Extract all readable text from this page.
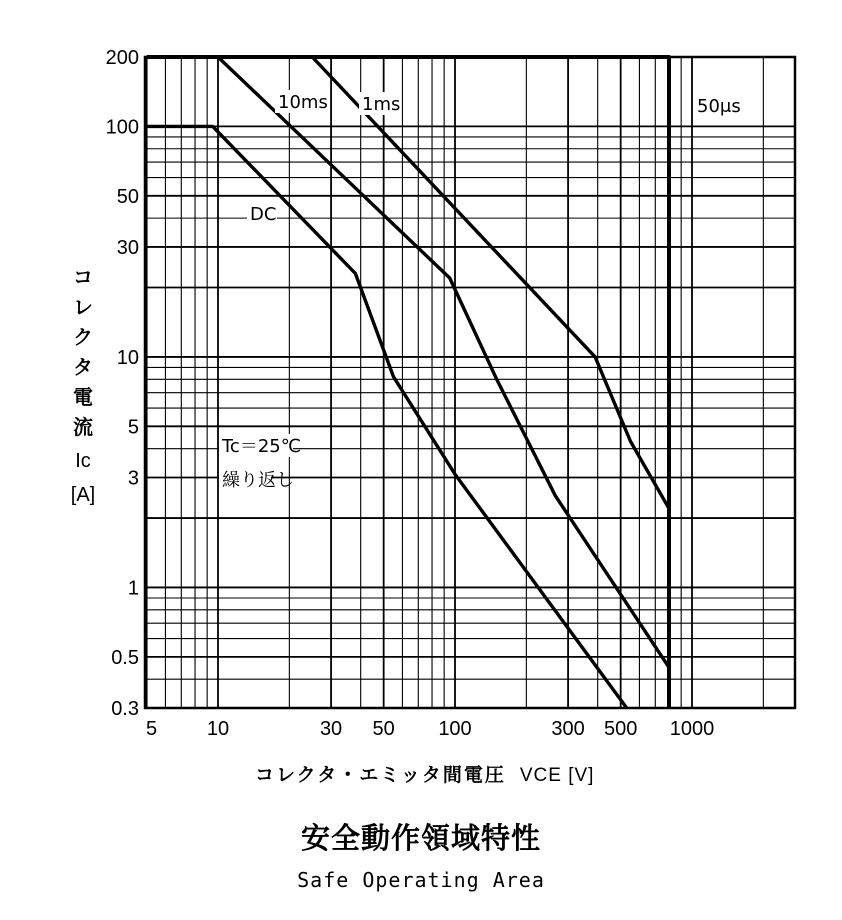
5 10	30 50 100	300 500 1000
200
100
50
30
10
5
3
1
0.5
0.3
10ms 1ms	50μs
DC
Tc＝25℃
繰り返し
コ
レ
ク
タ
電
流
Ic
[A]
コレクタ・エミッタ間電圧 VCE [V]
安全動作領域特性
Safe Operating Area
